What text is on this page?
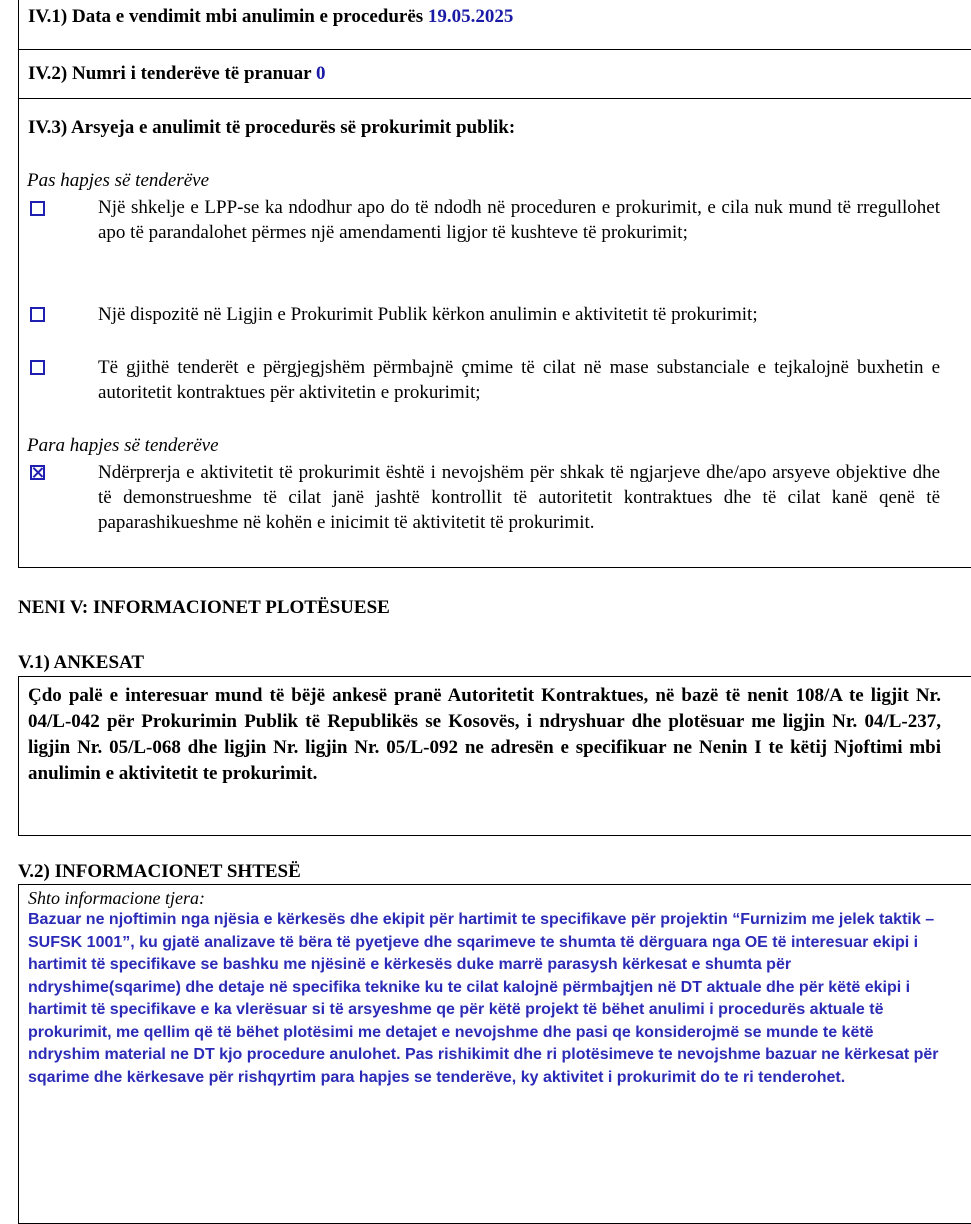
IV.1) Data e vendimit mbi anulimin e procedurës 19.05.2025
IV.2) Numri i tenderëve të pranuar 0
IV.3) Arsyeja e anulimit të procedurës së prokurimit publik:
Pas hapjes së tenderëve
Një shkelje e LPP-se ka ndodhur apo do të ndodh në proceduren e prokurimit, e cila nuk mund të rregullohet apo të parandalohet përmes një amendamenti ligjor të kushteve të prokurimit;
Një dispozitë në Ligjin e Prokurimit Publik kërkon anulimin e aktivitetit të prokurimit;
Të gjithë tenderët e përgjegjshëm përmbajnë çmime të cilat në mase substanciale e tejkalojnë buxhetin e autoritetit kontraktues për aktivitetin e prokurimit;
Para hapjes së tenderëve
Ndërprerja e aktivitetit të prokurimit është i nevojshëm për shkak të ngjarjeve dhe/apo arsyeve objektive dhe të demonstrueshme të cilat janë jashtë kontrollit të autoritetit kontraktues dhe të cilat kanë qenë të paparashikueshme në kohën e inicimit të aktivitetit të prokurimit.
NENI V: INFORMACIONET PLOTËSUESE
V.1) ANKESAT

Çdo palë e interesuar mund të bëjë ankesë pranë Autoritetit Kontraktues, në bazë të nenit 108/A te ligjit Nr. 04/L-042 për Prokurimin Publik të Republikës se Kosovës, i ndryshuar dhe plotësuar me ligjin Nr. 04/L-237, ligjin Nr. 05/L-068 dhe ligjin Nr. ligjin Nr. 05/L-092 ne adresën e specifikuar ne Nenin I te këtij Njoftimi mbi anulimin e aktivitetit te prokurimit.

V.2) INFORMACIONET SHTESË
Shto informacione tjera:

Bazuar ne njoftimin nga njësia e kërkesës dhe ekipit për hartimit te specifikave për projektin “Furnizim me jelek taktik – SUFSK 1001”, ku gjatë analizave të bëra të pyetjeve dhe sqarimeve te shumta të dërguara nga OE të interesuar ekipi i hartimit të specifikave se bashku me njësinë e kërkesës duke marrë parasysh kërkesat e shumta për ndryshime(sqarime) dhe detaje në specifika teknike ku te cilat kalojnë përmbajtjen në DT aktuale dhe për këtë ekipi i hartimit të specifikave e ka vlerësuar si të arsyeshme qe për këtë projekt të bëhet anulimi i procedurës aktuale të prokurimit, me qellim që të bëhet plotësimi me detajet e nevojshme dhe pasi qe konsiderojmë se munde te këtë ndryshim material ne DT kjo procedure anulohet. Pas rishikimit dhe ri plotësimeve te nevojshme bazuar ne kërkesat për sqarime dhe kërkesave për rishqyrtim para hapjes se tenderëve, ky aktivitet i prokurimit do te ri tenderohet.
